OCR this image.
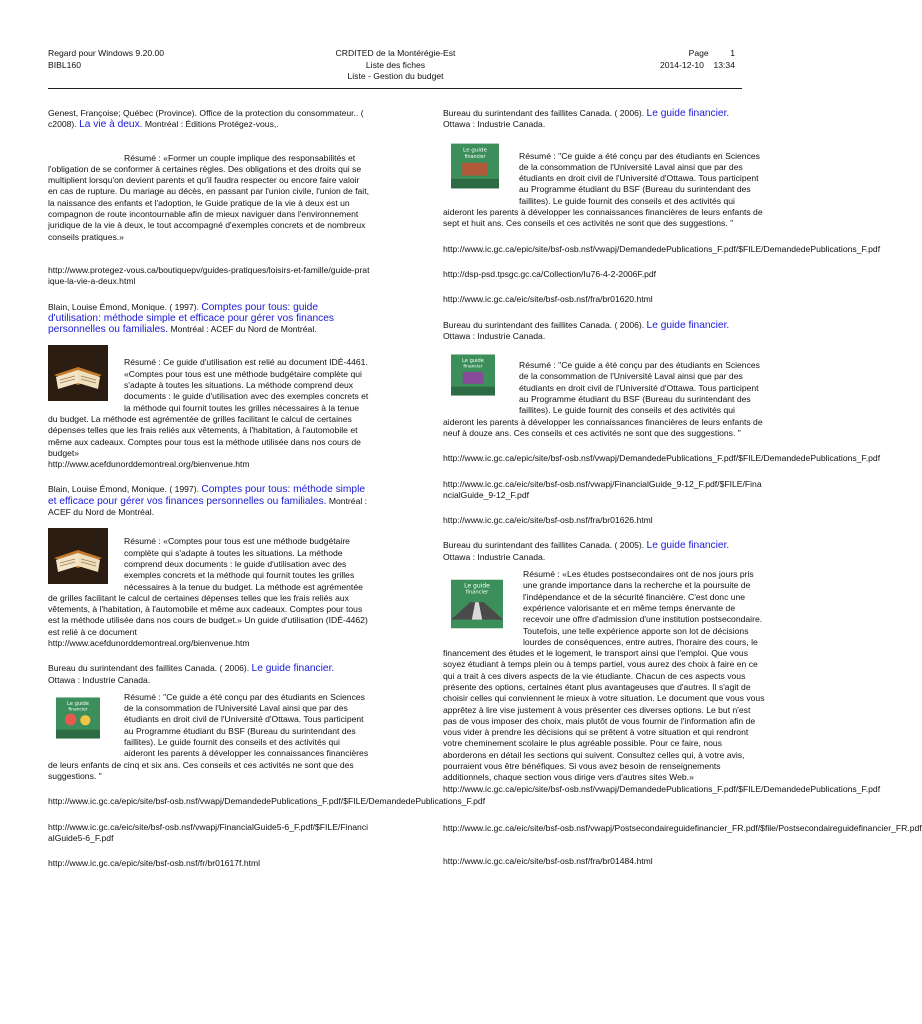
Regard pour Windows 9.20.00
BIBL160
CRDITED de la Montérégie-Est
Liste des fiches
Liste - Gestion du budget
Page	1
2014-12-10 13:34
Genest, Françoise; Québec (Province). Office de la protection du consommateur.. ( c2008). La vie à deux. Montréal : Éditions Protégez-vous,.
Résumé : «Former un couple implique des responsabilités et l'obligation de se conformer à certaines règles. Des obligations et des droits qui se multiplient lorsqu'on devient parents et qu'il faudra respecter ou encore faire valoir en cas de rupture. Du mariage au décès, en passant par l'union civile, l'union de fait, la naissance des enfants et l'adoption, le Guide pratique de la vie à deux est un compagnon de route incontournable afin de mieux naviguer dans l'environnement juridique de la vie à deux, le tout accompagné d'exemples concrets et de nombreux conseils pratiques.»
http://www.protegez-vous.ca/boutiquepv/guides-pratiques/loisirs-et-famille/guide-pratique-la-vie-a-deux.html
Blain, Louise Émond, Monique. ( 1997). Comptes pour tous: guide d'utilisation: méthode simple et efficace pour gérer vos finances personnelles ou familiales. Montréal : ACEF du Nord de Montréal.
Résumé : Ce guide d'utilisation est relié au document IDÉ-4461. «Comptes pour tous est une méthode budgétaire complète qui s'adapte à toutes les situations. La méthode comprend deux documents : le guide d'utilisation avec des exemples concrets et la méthode qui fournit toutes les grilles nécessaires à la tenue du budget. La méthode est agrémentée de grilles facilitant le calcul de certaines dépenses telles que les frais reliés aux vêtements, à l'habitation, à l'automobile et même aux cadeaux. Comptes pour tous est la méthode utilisée dans nos cours de budget»
http://www.acefdunorddemontreal.org/bienvenue.htm
Blain, Louise Émond, Monique. ( 1997). Comptes pour tous: méthode simple et efficace pour gérer vos finances personnelles ou familiales. Montréal : ACEF du Nord de Montréal.
Résumé : «Comptes pour tous est une méthode budgétaire complète qui s'adapte à toutes les situations. La méthode comprend deux documents : le guide d'utilisation avec des exemples concrets et la méthode qui fournit toutes les grilles nécessaires à la tenue du budget. La méthode est agrémentée de grilles facilitant le calcul de certaines dépenses telles que les frais reliés aux vêtements, à l'habitation, à l'automobile et même aux cadeaux. Comptes pour tous est la méthode utilisée dans nos cours de budget.» Un guide d'utilisation (IDÉ-4462) est relié à ce document
http://www.acefdunorddemontreal.org/bienvenue.htm
Bureau du surintendant des faillites Canada. ( 2006). Le guide financier.
Ottawa : Industrie Canada.
Le guide
financier
Résumé : "Ce guide a été conçu par des étudiants en Sciences de la consommation de l'Université Laval ainsi que par des étudiants en droit civil de l'Université d'Ottawa. Tous participent au Programme étudiant du BSF (Bureau du surintendant des faillites). Le guide fournit des conseils et des activités qui aideront les parents à développer les connaissances financières de leurs enfants de cinq et six ans. Ces conseils et ces activités ne sont que des suggestions. "
http://www.ic.gc.ca/epic/site/bsf-osb.nsf/vwapj/DemandedePublications_F.pdf/$FILE/DemandedePublications_F.pdf
http://www.ic.gc.ca/eic/site/bsf-osb.nsf/vwapj/FinancialGuide5-6_F.pdf/$FILE/FinancialGuide5-6_F.pdf
http://www.ic.gc.ca/epic/site/bsf-osb.nsf/fr/br01617f.html
Bureau du surintendant des faillites Canada. ( 2006). Le guide financier.
Ottawa : Industrie Canada.
Le guide
financier	Résumé : "Ce guide a été conçu par des étudiants en Sciences de la consommation de l'Université Laval ainsi que par des étudiants en droit civil de l'Université d'Ottawa. Tous participent au Programme étudiant du BSF (Bureau du surintendant des faillites). Le guide fournit des conseils et des activités qui aideront les parents à développer les connaissances financières de leurs enfants de sept et huit ans. Ces conseils et ces activités ne sont que des suggestions. "
http://www.ic.gc.ca/epic/site/bsf-osb.nsf/vwapj/DemandedePublications_F.pdf/$FILE/DemandedePublications_F.pdf
http://dsp-psd.tpsgc.gc.ca/Collection/Iu76-4-2-2006F.pdf
http://www.ic.gc.ca/eic/site/bsf-osb.nsf/fra/br01620.html
Bureau du surintendant des faillites Canada. ( 2006). Le guide financier.
Ottawa : Industrie Canada.
Le guide
financier	Résumé : "Ce guide a été conçu par des étudiants en Sciences de la consommation de l'Université Laval ainsi que par des étudiants en droit civil de l'Université d'Ottawa. Tous participent au Programme étudiant du BSF (Bureau du surintendant des faillites). Le guide fournit des conseils et des activités qui aideront les parents à développer les connaissances financières de leurs enfants de neuf à douze ans. Ces conseils et ces activités ne sont que des suggestions. "
http://www.ic.gc.ca/epic/site/bsf-osb.nsf/vwapj/DemandedePublications_F.pdf/$FILE/DemandedePublications_F.pdf
http://www.ic.gc.ca/eic/site/bsf-osb.nsf/vwapj/FinancialGuide_9-12_F.pdf/$FILE/FinancialGuide_9-12_F.pdf
http://www.ic.gc.ca/eic/site/bsf-osb.nsf/fra/br01626.html
Bureau du surintendant des faillites Canada. ( 2005). Le guide financier.
Ottawa : Industrie Canada.
Le guide
financier
Résumé : «Les études postsecondaires ont de nos jours pris une grande importance dans la recherche et la poursuite de l'indépendance et de la sécurité financière. C'est donc une expérience valorisante et en même temps énervante de recevoir une offre d'admission d'une institution postsecondaire. Toutefois, une telle expérience apporte son lot de décisions lourdes de conséquences, entre autres, l'horaire des cours, le financement des études et le logement, le transport ainsi que l'emploi. Que vous soyez étudiant à temps plein ou à temps partiel, vous aurez des choix à faire en ce qui a trait à ces divers aspects de la vie étudiante. Chacun de ces aspects vous présente des options, certaines étant plus avantageuses que d'autres. Il s'agit de choisir celles qui conviennent le mieux à votre situation. Le document que vous vous apprêtez à lire vise justement à vous présenter ces diverses options. Le but n'est pas de vous imposer des choix, mais plutôt de vous fournir de l'information afin de vous vider à prendre les décisions qui se prêtent à votre situation et qui rendront votre cheminement scolaire le plus agréable possible. Pour ce faire, nous aborderons en détail les sections qui suivent. Consultez celles qui, à votre avis, pourraient vous être bénéfiques. Si vous avez besoin de renseignements additionnels, chaque section vous dirige vers d'autres sites Web.»
http://www.ic.gc.ca/epic/site/bsf-osb.nsf/vwapj/DemandedePublications_F.pdf/$FILE/DemandedePublications_F.pdf
http://www.ic.gc.ca/eic/site/bsf-osb.nsf/vwapj/Postsecondaireguidefinancier_FR.pdf/$file/Postsecondaireguidefinancier_FR.pdf
http://www.ic.gc.ca/eic/site/bsf-osb.nsf/fra/br01484.html
